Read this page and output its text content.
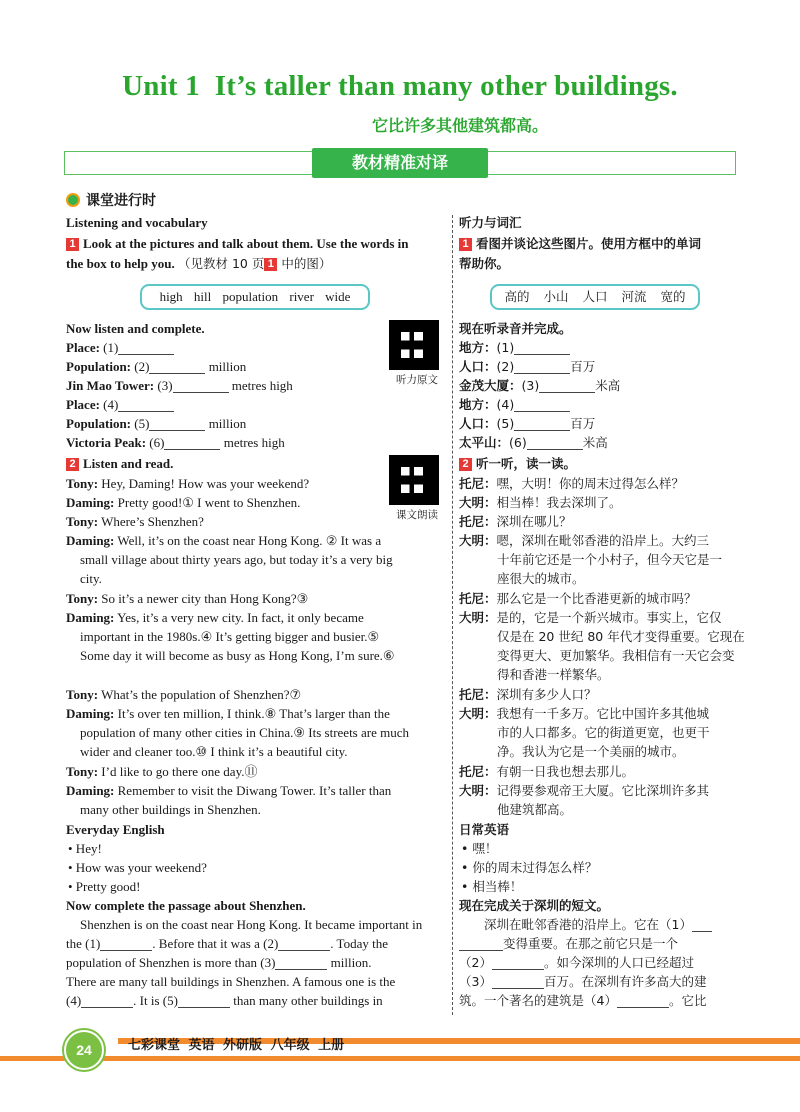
Unit 1 It’s taller than many other buildings.
它比许多其他建筑都高。
教材精准对译
课堂进行时
Listening and vocabulary
1 Look at the pictures and talk about them. Use the words in
the box to help you. （见教材 10 页 1 中的图）
high hill population river wide
Now listen and complete.
Place: (1)
Population: (2)	million
Jin Mao Tower: (3)	metres high
Place: (4)
Population: (5)	million
Victoria Peak: (6)	metres high
听力原文
课文朗读
2 Listen and read.
Tony: Hey, Daming! How was your weekend?
Daming: Pretty good!① I went to Shenzhen.
Tony: Where’s Shenzhen?
Daming: Well, it’s on the coast near Hong Kong. ② It was a
small village about thirty years ago, but today it’s a very big
city.
Tony: So it’s a newer city than Hong Kong?③
Daming: Yes, it’s a very new city. In fact, it only became
important in the 1980s.④ It’s getting bigger and busier.⑤
Some day it will become as busy as Hong Kong, I’m sure.⑥
Tony: What’s the population of Shenzhen?⑦
Daming: It’s over ten million, I think.⑧ That’s larger than the
population of many other cities in China.⑨ Its streets are much
wider and cleaner too.⑩ I think it’s a beautiful city.
Tony: I’d like to go there one day.⑪
Daming: Remember to visit the Diwang Tower. It’s taller than
many other buildings in Shenzhen.
Everyday English
• Hey!
• How was your weekend?
• Pretty good!
Now complete the passage about Shenzhen.
Shenzhen is on the coast near Hong Kong. It became important in
the (1)	. Before that it was a (2)	. Today the
population of Shenzhen is more than (3)	million.
There are many tall buildings in Shenzhen. A famous one is the
(4)	. It is (5)	than many other buildings in
听力与词汇
1 看图并谈论这些图片。使用方框中的单词
帮助你。
高的 小山 人口 河流 宽的
现在听录音并完成。
地方：(1)
人口：(2)	百万
金茂大厦：(3)	米高
地方：(4)
人口：(5)	百万
太平山：(6)	米高
2 听一听，读一读。
托尼：嘿，大明！你的周末过得怎么样？
大明：相当棒！我去深圳了。
托尼：深圳在哪儿？
大明：嗯，深圳在毗邻香港的沿岸上。大约三
十年前它还是一个小村子，但今天它是一
座很大的城市。
托尼：那么它是一个比香港更新的城市吗？
大明：是的，它是一个新兴城市。事实上，它仅
仅是在 20 世纪 80 年代才变得重要。它现在
变得更大、更加繁华。我相信有一天它会变
得和香港一样繁华。
托尼：深圳有多少人口？
大明：我想有一千多万。它比中国许多其他城
市的人口都多。它的街道更宽，也更干
净。我认为它是一个美丽的城市。
托尼：有朝一日我也想去那儿。
大明：记得要参观帝王大厦。它比深圳许多其
他建筑都高。
日常英语
• 嘿！
• 你的周末过得怎么样？
• 相当棒！
现在完成关于深圳的短文。
深圳在毗邻香港的沿岸上。它在（1）
变得重要。在那之前它只是一个
（2）	。如今深圳的人口已经超过
（3）	百万。在深圳有许多高大的建
筑。一个著名的建筑是（4）	。它比
24	七彩课堂 英语 外研版 八年级 上册
